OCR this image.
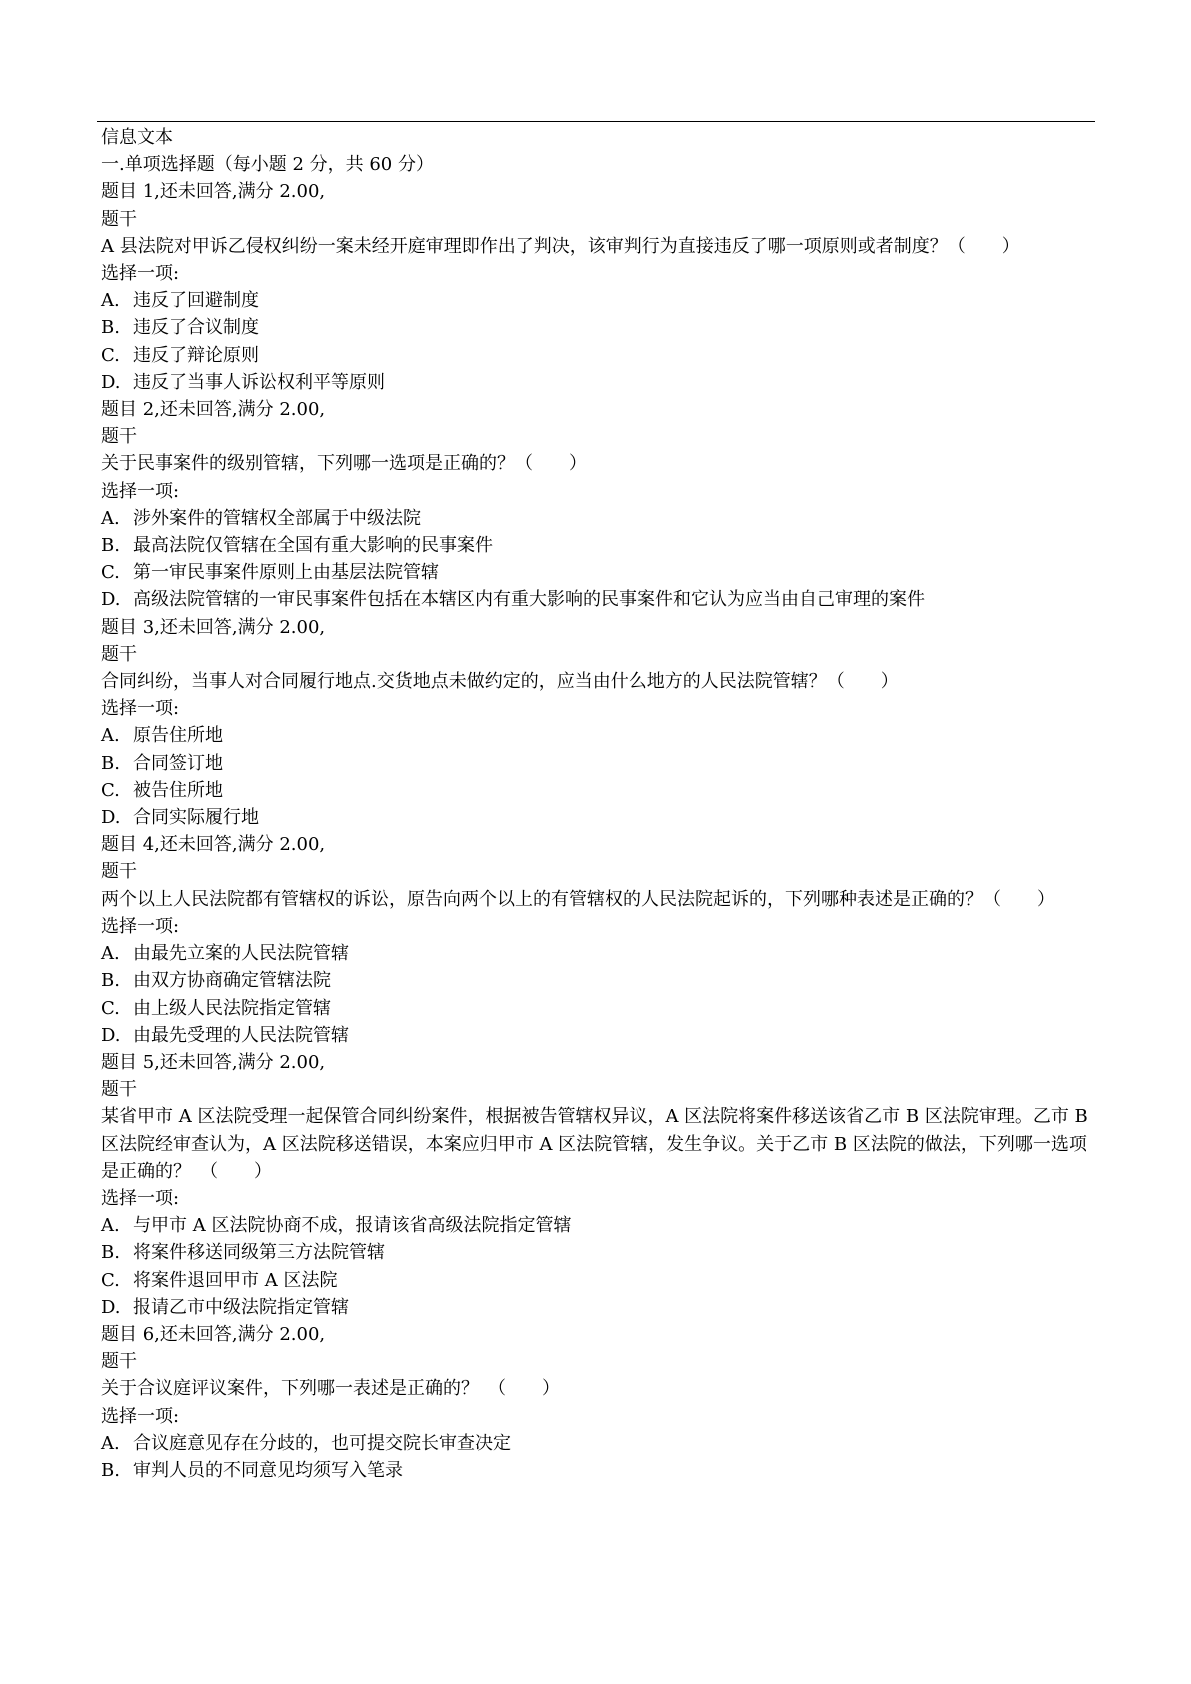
信息文本
一.单项选择题（每小题 2 分，共 60 分）
题目 1,还未回答,满分 2.00,
题干
A 县法院对甲诉乙侵权纠纷一案未经开庭审理即作出了判决，该审判行为直接违反了哪一项原则或者制度？（　　）
选择一项:
A. 违反了回避制度
B. 违反了合议制度
C. 违反了辩论原则
D. 违反了当事人诉讼权利平等原则
题目 2,还未回答,满分 2.00,
题干
关于民事案件的级别管辖，下列哪一选项是正确的？（　　）
选择一项:
A. 涉外案件的管辖权全部属于中级法院
B. 最高法院仅管辖在全国有重大影响的民事案件
C. 第一审民事案件原则上由基层法院管辖
D. 高级法院管辖的一审民事案件包括在本辖区内有重大影响的民事案件和它认为应当由自己审理的案件
题目 3,还未回答,满分 2.00,
题干
合同纠纷，当事人对合同履行地点.交货地点未做约定的，应当由什么地方的人民法院管辖？（　　）
选择一项:
A. 原告住所地
B. 合同签订地
C. 被告住所地
D. 合同实际履行地
题目 4,还未回答,满分 2.00,
题干
两个以上人民法院都有管辖权的诉讼，原告向两个以上的有管辖权的人民法院起诉的，下列哪种表述是正确的？（　　）
选择一项:
A. 由最先立案的人民法院管辖
B. 由双方协商确定管辖法院
C. 由上级人民法院指定管辖
D. 由最先受理的人民法院管辖
题目 5,还未回答,满分 2.00,
题干
某省甲市 A 区法院受理一起保管合同纠纷案件，根据被告管辖权异议，A 区法院将案件移送该省乙市 B 区法院审理。乙市 B 区法院经审查认为，A 区法院移送错误，本案应归甲市 A 区法院管辖，发生争议。关于乙市 B 区法院的做法，下列哪一选项是正确的？　（　　）
选择一项:
A. 与甲市 A 区法院协商不成，报请该省高级法院指定管辖
B. 将案件移送同级第三方法院管辖
C. 将案件退回甲市 A 区法院
D. 报请乙市中级法院指定管辖
题目 6,还未回答,满分 2.00,
题干
关于合议庭评议案件，下列哪一表述是正确的？　（　　）
选择一项:
A. 合议庭意见存在分歧的，也可提交院长审查决定
B. 审判人员的不同意见均须写入笔录
